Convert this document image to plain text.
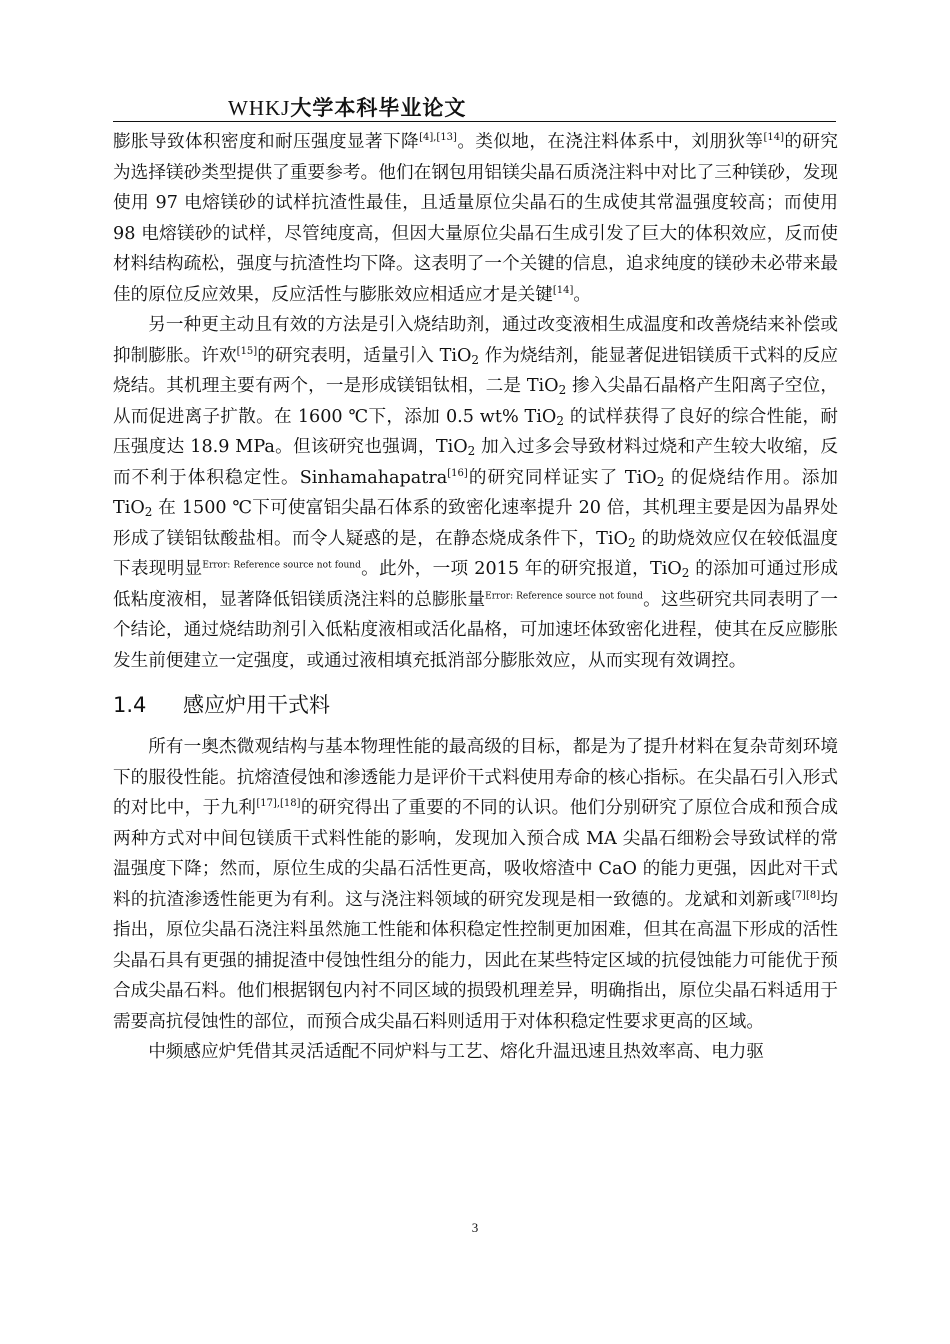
WHKJ大学本科毕业论文

膨胀导致体积密度和耐压强度显著下降[4],[13]。类似地，在浇注料体系中，刘朋狄等[14]的研究为选择镁砂类型提供了重要参考。他们在钢包用铝镁尖晶石质浇注料中对比了三种镁砂，发现使用 97 电熔镁砂的试样抗渣性最佳，且适量原位尖晶石的生成使其常温强度较高；而使用 98 电熔镁砂的试样，尽管纯度高，但因大量原位尖晶石生成引发了巨大的体积效应，反而使材料结构疏松，强度与抗渣性均下降。这表明了一个关键的信息，追求纯度的镁砂未必带来最佳的原位反应效果，反应活性与膨胀效应相适应才是关键[14]。

另一种更主动且有效的方法是引入烧结助剂，通过改变液相生成温度和改善烧结来补偿或抑制膨胀。许欢[15]的研究表明，适量引入 TiO$_2$ 作为烧结剂，能显著促进铝镁质干式料的反应烧结。其机理主要有两个，一是形成镁铝钛相，二是 TiO$_2$ 掺入尖晶石晶格产生阳离子空位，从而促进离子扩散。在 1600 ℃下，添加 0.5 wt% TiO$_2$ 的试样获得了良好的综合性能，耐压强度达 18.9 MPa。但该研究也强调，TiO$_2$ 加入过多会导致材料过烧和产生较大收缩，反而不利于体积稳定性。Sinhamahapatra[16]的研究同样证实了 TiO$_2$ 的促烧结作用。添加 TiO$_2$ 在 1500 ℃下可使富铝尖晶石体系的致密化速率提升 20 倍，其机理主要是因为晶界处形成了镁铝钛酸盐相。而令人疑惑的是，在静态烧成条件下，TiO$_2$ 的助烧效应仅在较低温度下表现明显$^{Error: Reference source not found}$。此外，一项 2015 年的研究报道，TiO$_2$ 的添加可通过形成低粘度液相，显著降低铝镁质浇注料的总膨胀量$^{Error: Reference source not found}$。这些研究共同表明了一个结论，通过烧结助剂引入低粘度液相或活化晶格，可加速坯体致密化进程，使其在反应膨胀发生前便建立一定强度，或通过液相填充抵消部分膨胀效应，从而实现有效调控。

1.4 感应炉用干式料

所有一奥杰微观结构与基本物理性能的最高级的目标，都是为了提升材料在复杂苛刻环境下的服役性能。抗熔渣侵蚀和渗透能力是评价干式料使用寿命的核心指标。在尖晶石引入形式的对比中，于九利[17],[18]的研究得出了重要的不同的认识。他们分别研究了原位合成和预合成两种方式对中间包镁质干式料性能的影响，发现加入预合成 MA 尖晶石细粉会导致试样的常温强度下降；然而，原位生成的尖晶石活性更高，吸收熔渣中 CaO 的能力更强，因此对干式料的抗渣渗透性能更为有利。这与浇注料领域的研究发现是相一致德的。龙斌和刘新彧[7][8]均指出，原位尖晶石浇注料虽然施工性能和体积稳定性控制更加困难，但其在高温下形成的活性尖晶石具有更强的捕捉渣中侵蚀性组分的能力，因此在某些特定区域的抗侵蚀能力可能优于预合成尖晶石料。他们根据钢包内衬不同区域的损毁机理差异，明确指出，原位尖晶石料适用于需要高抗侵蚀性的部位，而预合成尖晶石料则适用于对体积稳定性要求更高的区域。

中频感应炉凭借其灵活适配不同炉料与工艺、熔化升温迅速且热效率高、电力驱

3
